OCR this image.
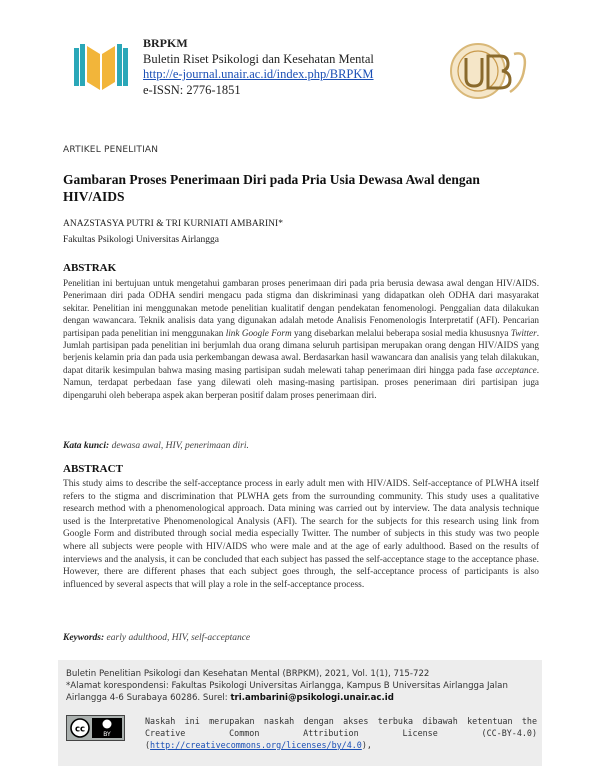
BRPKM
Buletin Riset Psikologi dan Kesehatan Mental
http://e-journal.unair.ac.id/index.php/BRPKM
e-ISSN: 2776-1851
ARTIKEL PENELITIAN
Gambaran Proses Penerimaan Diri pada Pria Usia Dewasa Awal dengan
HIV/AIDS
ANAZSTASYA PUTRI & TRI KURNIATI AMBARINI*
Fakultas Psikologi Universitas Airlangga
ABSTRAK
Penelitian ini bertujuan untuk mengetahui gambaran proses penerimaan diri pada pria berusia dewasa awal dengan HIV/AIDS. Penerimaan diri pada ODHA sendiri mengacu pada stigma dan diskriminasi yang didapatkan oleh ODHA dari masyarakat sekitar. Penelitian ini menggunakan metode penelitian kualitatif dengan pendekatan fenomenologi. Penggalian data dilakukan dengan wawancara. Teknik analisis data yang digunakan adalah metode Analisis Fenomenologis Interpretatif (AFI). Pencarian partisipan pada penelitian ini menggunakan link Google Form yang disebarkan melalui beberapa sosial media khususnya Twitter. Jumlah partisipan pada penelitian ini berjumlah dua orang dimana seluruh partisipan merupakan orang dengan HIV/AIDS yang berjenis kelamin pria dan pada usia perkembangan dewasa awal. Berdasarkan hasil wawancara dan analisis yang telah dilakukan, dapat ditarik kesimpulan bahwa masing masing partisipan sudah melewati tahap penerimaan diri hingga pada fase acceptance. Namun, terdapat perbedaan fase yang dilewati oleh masing-masing partisipan. proses penerimaan diri partisipan juga dipengaruhi oleh beberapa aspek akan berperan positif dalam proses penerimaan diri.
Kata kunci: dewasa awal, HIV, penerimaan diri.
ABSTRACT
This study aims to describe the self-acceptance process in early adult men with HIV/AIDS. Self-acceptance of PLWHA itself refers to the stigma and discrimination that PLWHA gets from the surrounding community. This study uses a qualitative research method with a phenomenological approach. Data mining was carried out by interview. The data analysis technique used is the Interpretative Phenomenological Analysis (AFI). The search for the subjects for this research using link from Google Form and distributed through social media especially Twitter. The number of subjects in this study was two people where all subjects were people with HIV/AIDS who were male and at the age of early adulthood. Based on the results of interviews and the analysis, it can be concluded that each subject has passed the self-acceptance stage to the acceptance phase. However, there are different phases that each subject goes through, the self-acceptance process of participants is also influenced by several aspects that will play a role in the self-acceptance process.
Keywords: early adulthood, HIV, self-acceptance
Buletin Penelitian Psikologi dan Kesehatan Mental (BRPKM), 2021, Vol. 1(1), 715-722
*Alamat korespondensi: Fakultas Psikologi Universitas Airlangga, Kampus B Universitas Airlangga Jalan Airlangga 4-6 Surabaya 60286. Surel: tri.ambarini@psikologi.unair.ac.id
cc	BY
Naskah ini merupakan naskah dengan akses terbuka dibawah ketentuan the Creative Common Attribution License (CC-BY-4.0) (http://creativecommons.org/licenses/by/4.0),
